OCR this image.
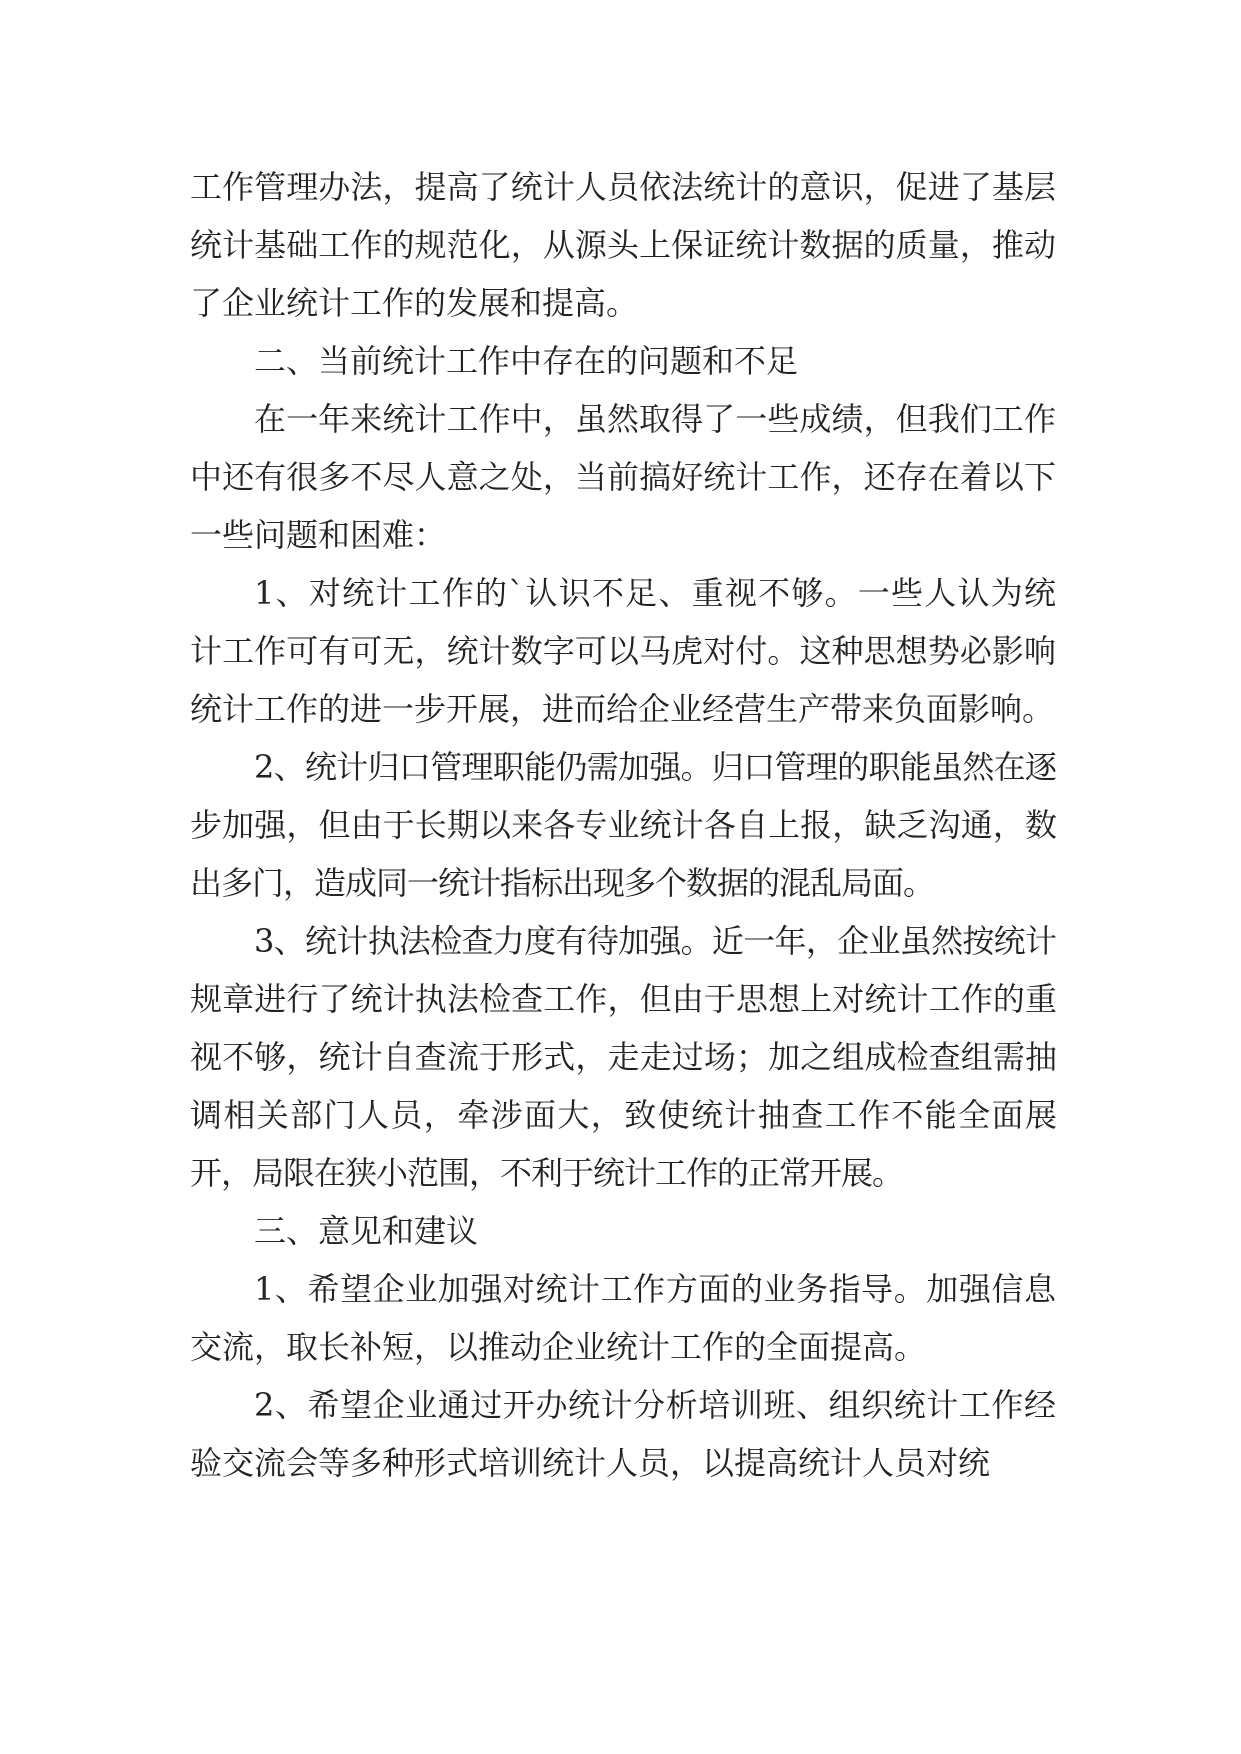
工作管理办法，提高了统计人员依法统计的意识，促进了基层统计基础工作的规范化，从源头上保证统计数据的质量，推动了企业统计工作的发展和提高。

二、当前统计工作中存在的问题和不足

在一年来统计工作中，虽然取得了一些成绩，但我们工作中还有很多不尽人意之处，当前搞好统计工作，还存在着以下一些问题和困难：

1、对统计工作的`认识不足、重视不够。一些人认为统计工作可有可无，统计数字可以马虎对付。这种思想势必影响统计工作的进一步开展，进而给企业经营生产带来负面影响。

2、统计归口管理职能仍需加强。归口管理的职能虽然在逐步加强，但由于长期以来各专业统计各自上报，缺乏沟通，数出多门，造成同一统计指标出现多个数据的混乱局面。

3、统计执法检查力度有待加强。近一年，企业虽然按统计规章进行了统计执法检查工作，但由于思想上对统计工作的重视不够，统计自查流于形式，走走过场；加之组成检查组需抽调相关部门人员，牵涉面大，致使统计抽查工作不能全面展开，局限在狭小范围，不利于统计工作的正常开展。

三、意见和建议

1、希望企业加强对统计工作方面的业务指导。加强信息交流，取长补短，以推动企业统计工作的全面提高。

2、希望企业通过开办统计分析培训班、组织统计工作经验交流会等多种形式培训统计人员，以提高统计人员对统
